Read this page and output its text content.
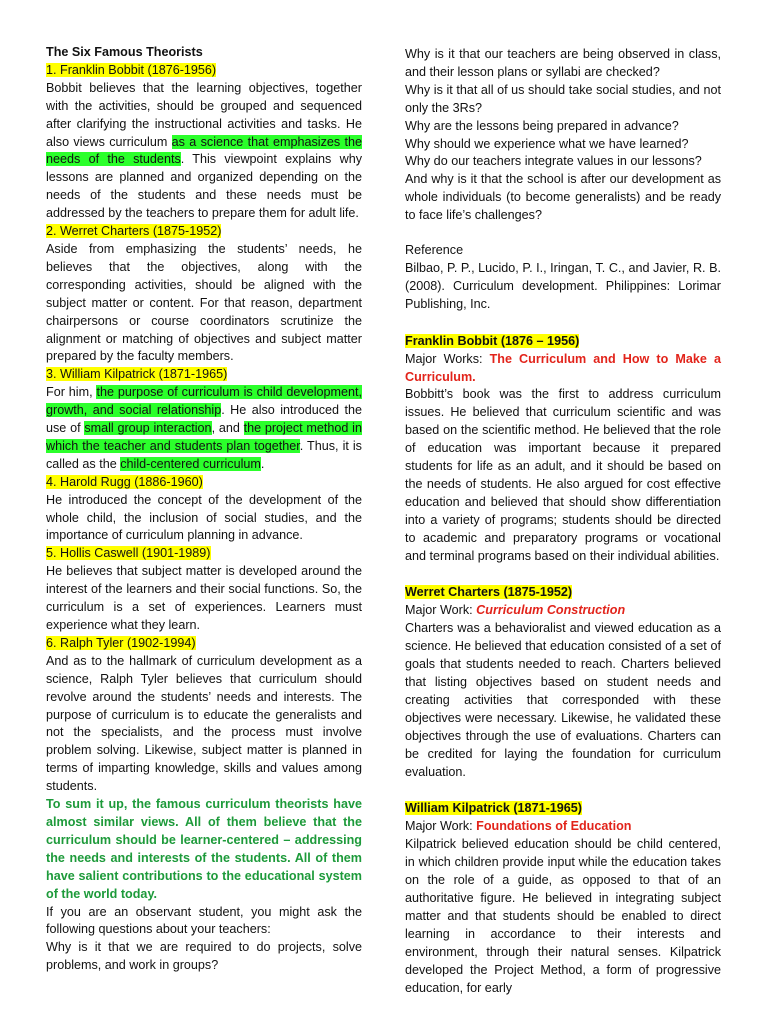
The Six Famous Theorists

1. Franklin Bobbit (1876-1956)

Bobbit believes that the learning objectives, together with the activities, should be grouped and sequenced after clarifying the instructional activities and tasks. He also views curriculum as a science that emphasizes the needs of the students. This viewpoint explains why lessons are planned and organized depending on the needs of the students and these needs must be addressed by the teachers to prepare them for adult life.

2. Werret Charters (1875-1952)

Aside from emphasizing the students’ needs, he believes that the objectives, along with the corresponding activities, should be aligned with the subject matter or content. For that reason, department chairpersons or course coordinators scrutinize the alignment or matching of objectives and subject matter prepared by the faculty members.

3. William Kilpatrick (1871-1965)

For him, the purpose of curriculum is child development, growth, and social relationship. He also introduced the use of small group interaction, and the project method in which the teacher and students plan together. Thus, it is called as the child-centered curriculum.

4. Harold Rugg (1886-1960)

He introduced the concept of the development of the whole child, the inclusion of social studies, and the importance of curriculum planning in advance.

5. Hollis Caswell (1901-1989)

He believes that subject matter is developed around the interest of the learners and their social functions. So, the curriculum is a set of experiences. Learners must experience what they learn.

6. Ralph Tyler (1902-1994)

And as to the hallmark of curriculum development as a science, Ralph Tyler believes that curriculum should revolve around the students’ needs and interests. The purpose of curriculum is to educate the generalists and not the specialists, and the process must involve problem solving. Likewise, subject matter is planned in terms of imparting knowledge, skills and values among students.

To sum it up, the famous curriculum theorists have almost similar views. All of them believe that the curriculum should be learner-centered – addressing the needs and interests of the students. All of them have salient contributions to the educational system of the world today.

If you are an observant student, you might ask the following questions about your teachers:

Why is it that we are required to do projects, solve problems, and work in groups?

Why is it that our teachers are being observed in class, and their lesson plans or syllabi are checked?

Why is it that all of us should take social studies, and not only the 3Rs?

Why are the lessons being prepared in advance?

Why should we experience what we have learned?

Why do our teachers integrate values in our lessons?

And why is it that the school is after our development as whole individuals (to become generalists) and be ready to face life’s challenges?

Reference

Bilbao, P. P., Lucido, P. I., Iringan, T. C., and Javier, R. B. (2008). Curriculum development. Philippines: Lorimar Publishing, Inc.

Franklin Bobbit (1876 – 1956)

Major Works: The Curriculum and How to Make a Curriculum.

Bobbitt’s book was the first to address curriculum issues. He believed that curriculum scientific and was based on the scientific method. He believed that the role of education was important because it prepared students for life as an adult, and it should be based on the needs of students. He also argued for cost effective education and believed that should show differentiation into a variety of programs; students should be directed to academic and preparatory programs or vocational and terminal programs based on their individual abilities.

Werret Charters (1875-1952)

Major Work: Curriculum Construction

Charters was a behavioralist and viewed education as a science. He believed that education consisted of a set of goals that students needed to reach. Charters believed that listing objectives based on student needs and creating activities that corresponded with these objectives were necessary. Likewise, he validated these objectives through the use of evaluations. Charters can be credited for laying the foundation for curriculum evaluation.

William Kilpatrick (1871-1965)

Major Work: Foundations of Education

Kilpatrick believed education should be child centered, in which children provide input while the education takes on the role of a guide, as opposed to that of an authoritative figure. He believed in integrating subject matter and that students should be enabled to direct learning in accordance to their interests and environment, through their natural senses. Kilpatrick developed the Project Method, a form of progressive education, for early
